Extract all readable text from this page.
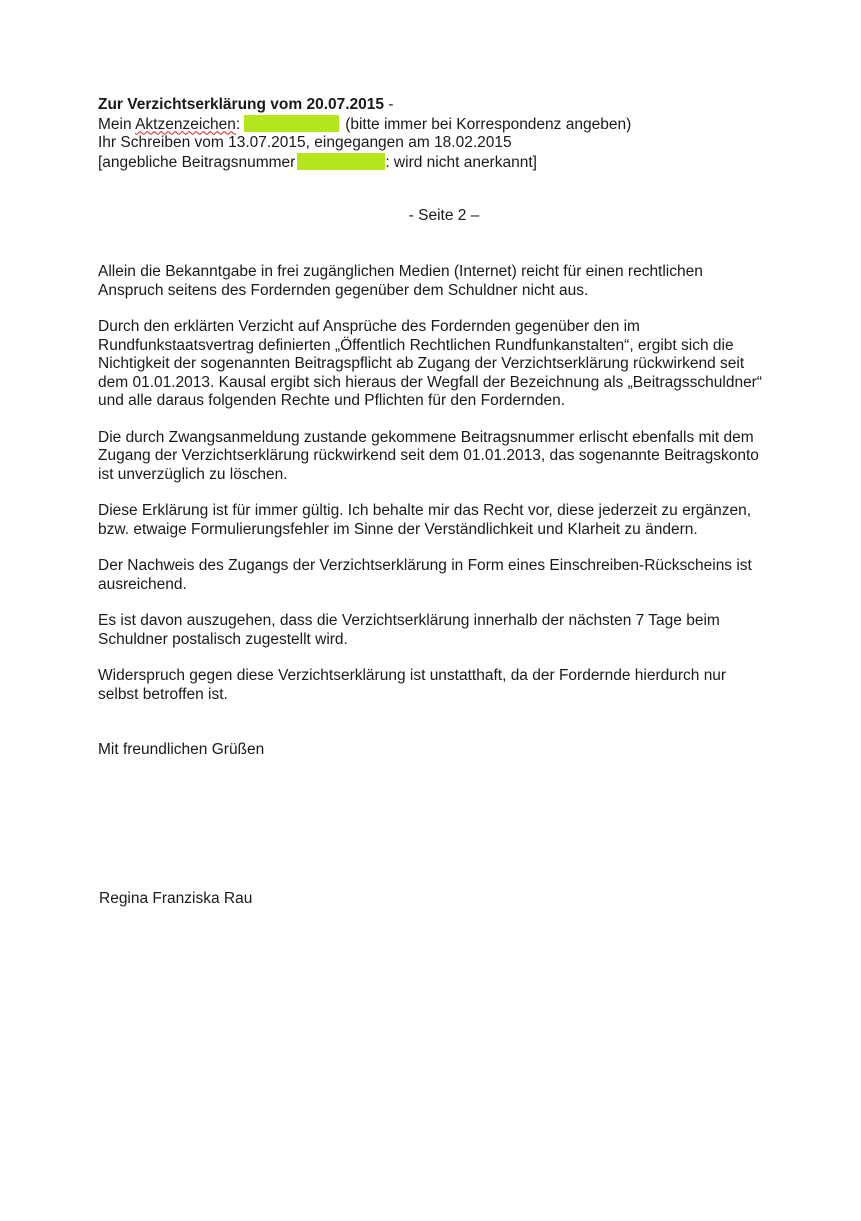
Zur Verzichtserklärung vom 20.07.2015 -
Mein Aktzenzeichen:	(bitte immer bei Korrespondenz angeben)
Ihr Schreiben vom 13.07.2015, eingegangen am 18.02.2015
[angebliche Beitragsnummer	: wird nicht anerkannt]
- Seite 2 –

Allein die Bekanntgabe in frei zugänglichen Medien (Internet) reicht für einen rechtlichen Anspruch seitens des Fordernden gegenüber dem Schuldner nicht aus.

Durch den erklärten Verzicht auf Ansprüche des Fordernden gegenüber den im Rundfunkstaatsvertrag definierten „Öffentlich Rechtlichen Rundfunkanstalten“, ergibt sich die Nichtigkeit der sogenannten Beitragspflicht ab Zugang der Verzichtserklärung rückwirkend seit dem 01.01.2013. Kausal ergibt sich hieraus der Wegfall der Bezeichnung als „Beitragsschuldner“ und alle daraus folgenden Rechte und Pflichten für den Fordernden.

Die durch Zwangsanmeldung zustande gekommene Beitragsnummer erlischt ebenfalls mit dem Zugang der Verzichtserklärung rückwirkend seit dem 01.01.2013, das sogenannte Beitragskonto ist unverzüglich zu löschen.

Diese Erklärung ist für immer gültig. Ich behalte mir das Recht vor, diese jederzeit zu ergänzen, bzw. etwaige Formulierungsfehler im Sinne der Verständlichkeit und Klarheit zu ändern.

Der Nachweis des Zugangs der Verzichtserklärung in Form eines Einschreiben-Rückscheins ist ausreichend.

Es ist davon auszugehen, dass die Verzichtserklärung innerhalb der nächsten 7 Tage beim Schuldner postalisch zugestellt wird.

Widerspruch gegen diese Verzichtserklärung ist unstatthaft, da der Fordernde hierdurch nur selbst betroffen ist.

Mit freundlichen Grüßen
Regina Franziska Rau
